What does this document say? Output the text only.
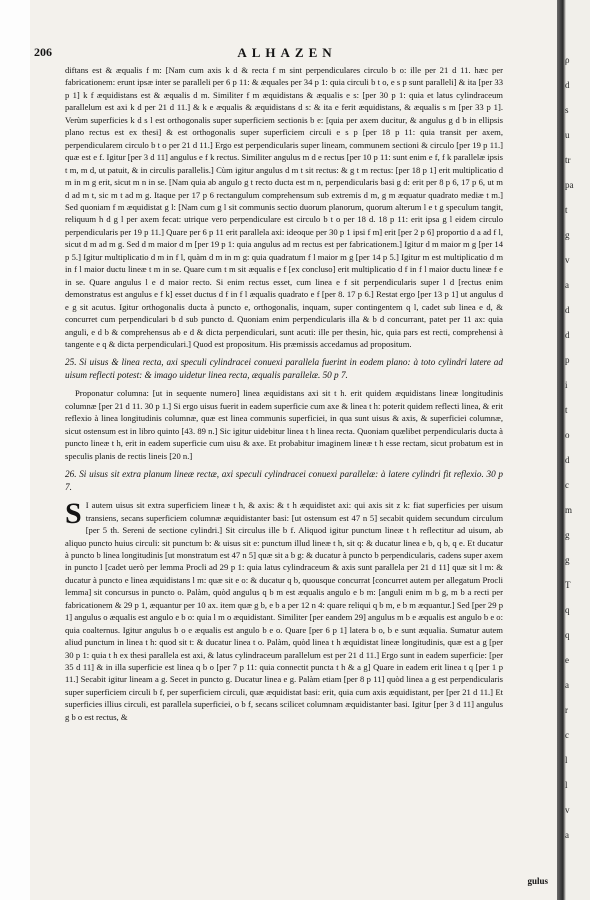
206	ALHAZEN

diftans est & æqualis f m: [Nam cum axis k d & recta f m sint perpendiculares circulo b o: ille per 21 d 11. hæc per fabricationem: erunt ipsæ inter se paralleli per 6 p 11: & æquales per 34 p 1: quia circuli b t o, e s p sunt paralleli] & ita [per 33 p 1] k f æquidistans est & æqualis d m. Similiter f m æquidistans & æqualis e s: [per 30 p 1: quia et latus cylindraceum parallelum est axi k d per 21 d 11.] & k e æqualis & æquidistans d s: & ita e ferit æquidistans, & æqualis s m [per 33 p 1]. Verùm superficies k d s l est orthogonalis super superficiem sectionis b e: [quia per axem ducitur, & angulus g d b in ellipsis plano rectus est ex thesi] & est orthogonalis super superficiem circuli e s p [per 18 p 11: quia transit per axem, perpendicularem circulo b t o per 21 d 11.] Ergo est perpendicularis super lineam, communem sectioni & circulo [per 19 p 11.] quæ est e f. Igitur [per 3 d 11] angulus e f k rectus. Similiter angulus m d e rectus [per 10 p 11: sunt enim e f, f k parallelæ ipsis t m, m d, ut patuit, & in circulis parallelis.] Cùm igitur angulus d m t sit rectus: & g t m rectus: [per 18 p 1] erit multiplicatio d m in m g erit, sicut m n in se. [Nam quia ab angulo g t recto ducta est m n, perpendicularis basi g d: erit per 8 p 6, 17 p 6, ut m d ad m t, sic m t ad m g. Itaque per 17 p 6 rectangulum comprehensum sub extremis d m, g m æquatur quadrato mediæ t m.] Sed quoniam f m æquidistat g l: [Nam cum g l sit communis sectio duorum planorum, quorum alterum l e t g speculum tangit, reliquum h d g l per axem fecat: utrique vero perpendiculare est circulo b t o per 18 d. 18 p 11: erit ipsa g l eidem circulo perpendicularis per 19 p 11.] Quare per 6 p 11 erit parallela axi: ideoque per 30 p 1 ipsi f m] erit [per 2 p 6] proportio d a ad f l, sicut d m ad m g. Sed d m maior d m [per 19 p 1: quia angulus ad m rectus est per fabricationem.] Igitur d m maior m g [per 14 p 5.] Igitur multiplicatio d m in f l, quàm d m in m g: quia quadratum f l maior m g [per 14 p 5.] Igitur m est multiplicatio d m in f l maior ductu lineæ t m in se. Quare cum t m sit æqualis e f [ex concluso] erit multiplicatio d f in f l maior ductu lineæ f e in se. Quare angulus l e d maior recto. Si enim rectus esset, cum linea e f sit perpendicularis super l d [rectus enim demonstratus est angulus e f k] esset ductus d f in f l æqualis quadrato e f [per 8. 17 p 6.] Restat ergo [per 13 p 1] ut angulus d e g sit acutus. Igitur orthogonalis ducta à puncto e, orthogonalis, inquam, super contingentem q l, cadet sub linea e d, & concurret cum perpendiculari b d sub puncto d. Quoniam enim perpendicularis illa & b d concurrant, patet per 11 ax: quia anguli, e d b & comprehensus ab e d & dicta perpendiculari, sunt acuti: ille per thesin, hic, quia pars est recti, comprehensi à tangente e q & dicta perpendiculari.] Quod est propositum. His præmissis accedamus ad propositum.

25. Si uisus & linea recta, axi speculi cylindracei conuexi parallela fuerint in eodem plano: à toto cylindri latere ad uisum reflecti potest: & imago uidetur linea recta, æqualis parallelæ. 50 p 7.

Proponatur columna: [ut in sequente numero] linea æquidistans axi sit t h. erit quidem æquidistans lineæ longitudinis columnæ [per 21 d 11. 30 p 1.] Si ergo uisus fuerit in eadem superficie cum axe & linea t h: poterit quidem reflecti linea, & erit reflexio à linea longitudinis columnæ, quæ est linea communis superficiei, in qua sunt uisus & axis, & superficiei columnæ, sicut ostensum est in libro quinto [43. 89 n.] Sic igitur uidebitur linea t h linea recta. Quoniam quælibet perpendicularis ducta à puncto lineæ t h, erit in eadem superficie cum uisu & axe. Et probabitur imaginem lineæ t h esse rectam, sicut probatum est in speculis planis de rectis lineis [20 n.]

26. Si uisus sit extra planum lineæ rectæ, axi speculi cylindracei conuexi parallelæ: à latere cylindri fit reflexio. 30 p 7.
S I autem uisus sit extra superficiem lineæ t h, & axis: & t h æquidistet axi: qui axis sit z k: fiat superficies per uisum transiens, secans superficiem columnæ æquidistanter basi: [ut ostensum est 47 n 5] secabit quidem secundum circulum [per 5 th. Sereni de sectione cylindri.] Sit circulus ille b f. Aliquod igitur punctum lineæ t h reflectitur ad uisum, ab aliquo puncto huius circuli: sit punctum b: & uisus sit e: punctum illud lineæ t h, sit q: & ducatur linea e b, q b, q e. Et ducatur à puncto b linea longitudinis [ut monstratum est 47 n 5] quæ sit a b g: & ducatur à puncto b perpendicularis, cadens super axem in puncto l [cadet uerò per lemma Procli ad 29 p 1: quia latus cylindraceum & axis sunt parallela per 21 d 11] quæ sit l m: & ducatur à puncto e linea æquidistans l m: quæ sit e o: & ducatur q b, quousque concurrat [concurret autem per allegatum Procli lemma] sit concursus in puncto o. Palàm, quòd angulus q b m est æqualis angulo e b m: [anguli enim m b g, m b a recti per fabricationem & 29 p 1, æquantur per 10 ax. item quæ g b, e b a per 12 n 4: quare reliqui q b m, e b m æquantur.] Sed [per 29 p 1] angulus o æqualis est angulo e b o: quia l m o æquidistant. Similiter [per eandem 29] angulus m b e æqualis est angulo b e o: quia coalternus. Igitur angulus b o e æqualis est angulo b e o. Quare [per 6 p 1] latera b o, b e sunt æqualia. Sumatur autem aliud punctum in linea t h: quod sit t: & ducatur linea t o. Palàm, quòd linea t h æquidistat lineæ longitudinis, quæ est a g [per 30 p 1: quia t h ex thesi parallela est axi, & latus cylindraceum parallelum est per 21 d 11.] Ergo sunt in eadem superficie: [per 35 d 11] & in illa superficie est linea q b o [per 7 p 11: quia connectit puncta t h & a g] Quare in eadem erit linea t q [per 1 p 11.] Secabit igitur lineam a g. Secet in puncto g. Ducatur linea e g. Palàm etiam [per 8 p 11] quòd linea a g est perpendicularis super superficiem circuli b f, per superficiem circuli, quæ æquidistat basi: erit, quia cum axis æquidistant, per [per 21 d 11.] Et superficies illius circuli, est parallela superficiei, o b f, secans scilicet columnam æquidistanter basi. Igitur [per 3 d 11] angulus g b o est rectus, &

gulus
ρ
d
s
u
tr
pa
t
g
v
a
d
d
p
i
t
o
d
c
m
g
g
T
q
q
e
a
r
c
l
l
v
a
